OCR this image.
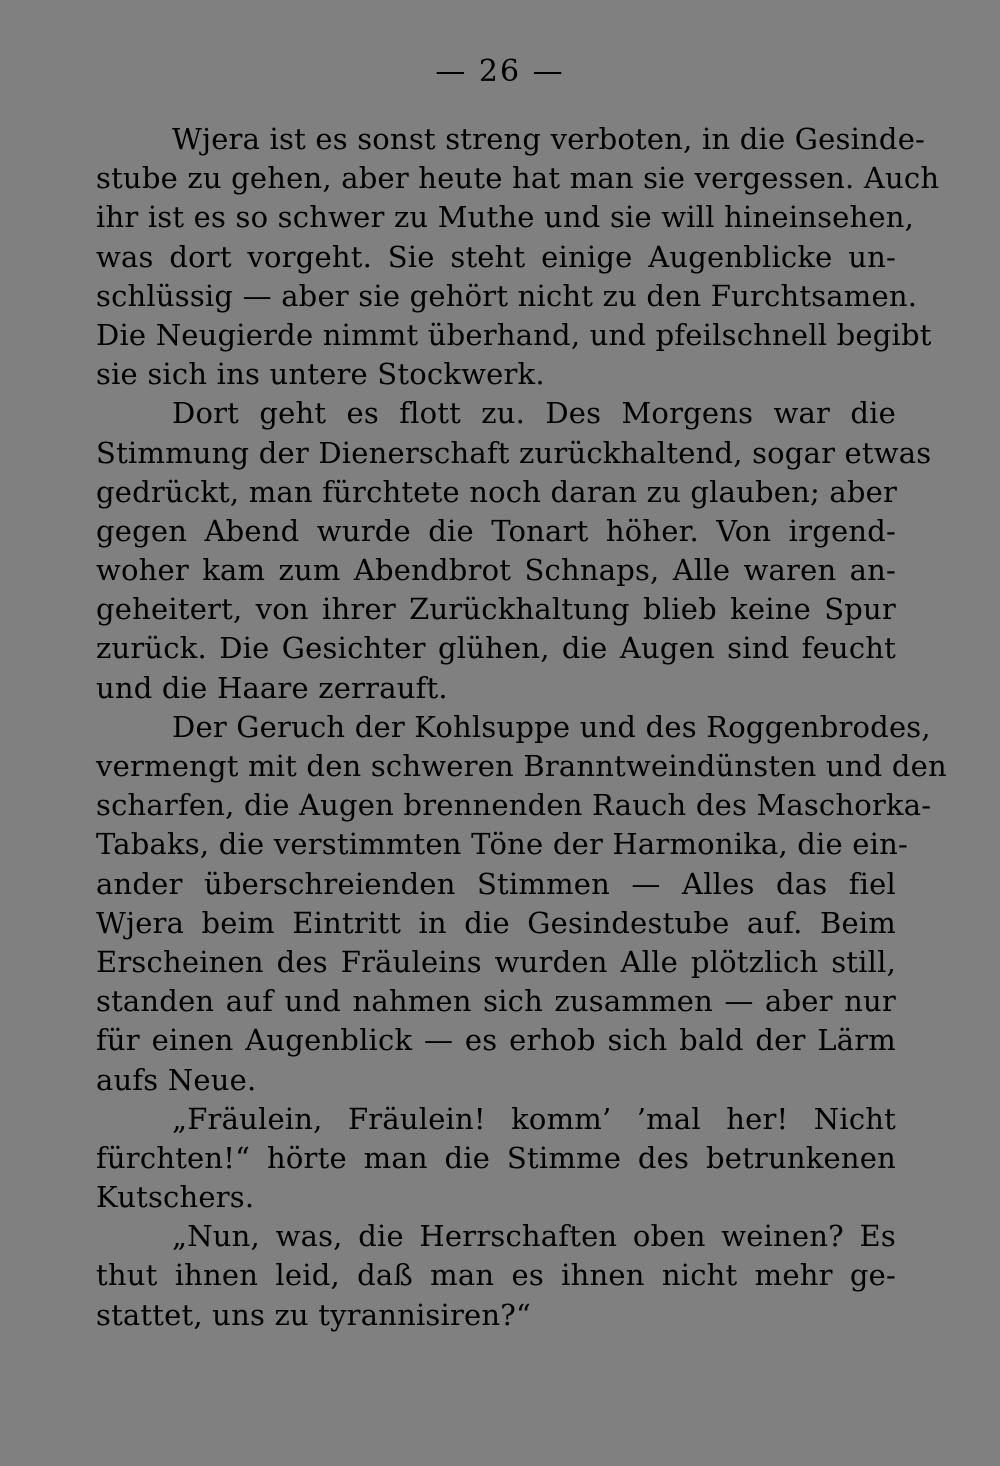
— 26 —
Wjera ist es sonst streng verboten, in die Gesinde-
stube zu gehen, aber heute hat man sie vergessen. Auch
ihr ist es so schwer zu Muthe und sie will hineinsehen,
was dort vorgeht. Sie steht einige Augenblicke un-
schlüssig — aber sie gehört nicht zu den Furchtsamen.
Die Neugierde nimmt überhand, und pfeilschnell begibt
sie sich ins untere Stockwerk.
Dort geht es flott zu. Des Morgens war die
Stimmung der Dienerschaft zurückhaltend, sogar etwas
gedrückt, man fürchtete noch daran zu glauben; aber
gegen Abend wurde die Tonart höher. Von irgend-
woher kam zum Abendbrot Schnaps, Alle waren an-
geheitert, von ihrer Zurückhaltung blieb keine Spur
zurück. Die Gesichter glühen, die Augen sind feucht
und die Haare zerrauft.
Der Geruch der Kohlsuppe und des Roggenbrodes,
vermengt mit den schweren Branntweindünsten und den
scharfen, die Augen brennenden Rauch des Maschorka-
Tabaks, die verstimmten Töne der Harmonika, die ein-
ander überschreienden Stimmen — Alles das fiel
Wjera beim Eintritt in die Gesindestube auf. Beim
Erscheinen des Fräuleins wurden Alle plötzlich still,
standen auf und nahmen sich zusammen — aber nur
für einen Augenblick — es erhob sich bald der Lärm
aufs Neue.
„Fräulein, Fräulein! komm’ ’mal her! Nicht
fürchten!“ hörte man die Stimme des betrunkenen
Kutschers.
„Nun, was, die Herrschaften oben weinen? Es
thut ihnen leid, daß man es ihnen nicht mehr ge-
stattet, uns zu tyrannisiren?“
